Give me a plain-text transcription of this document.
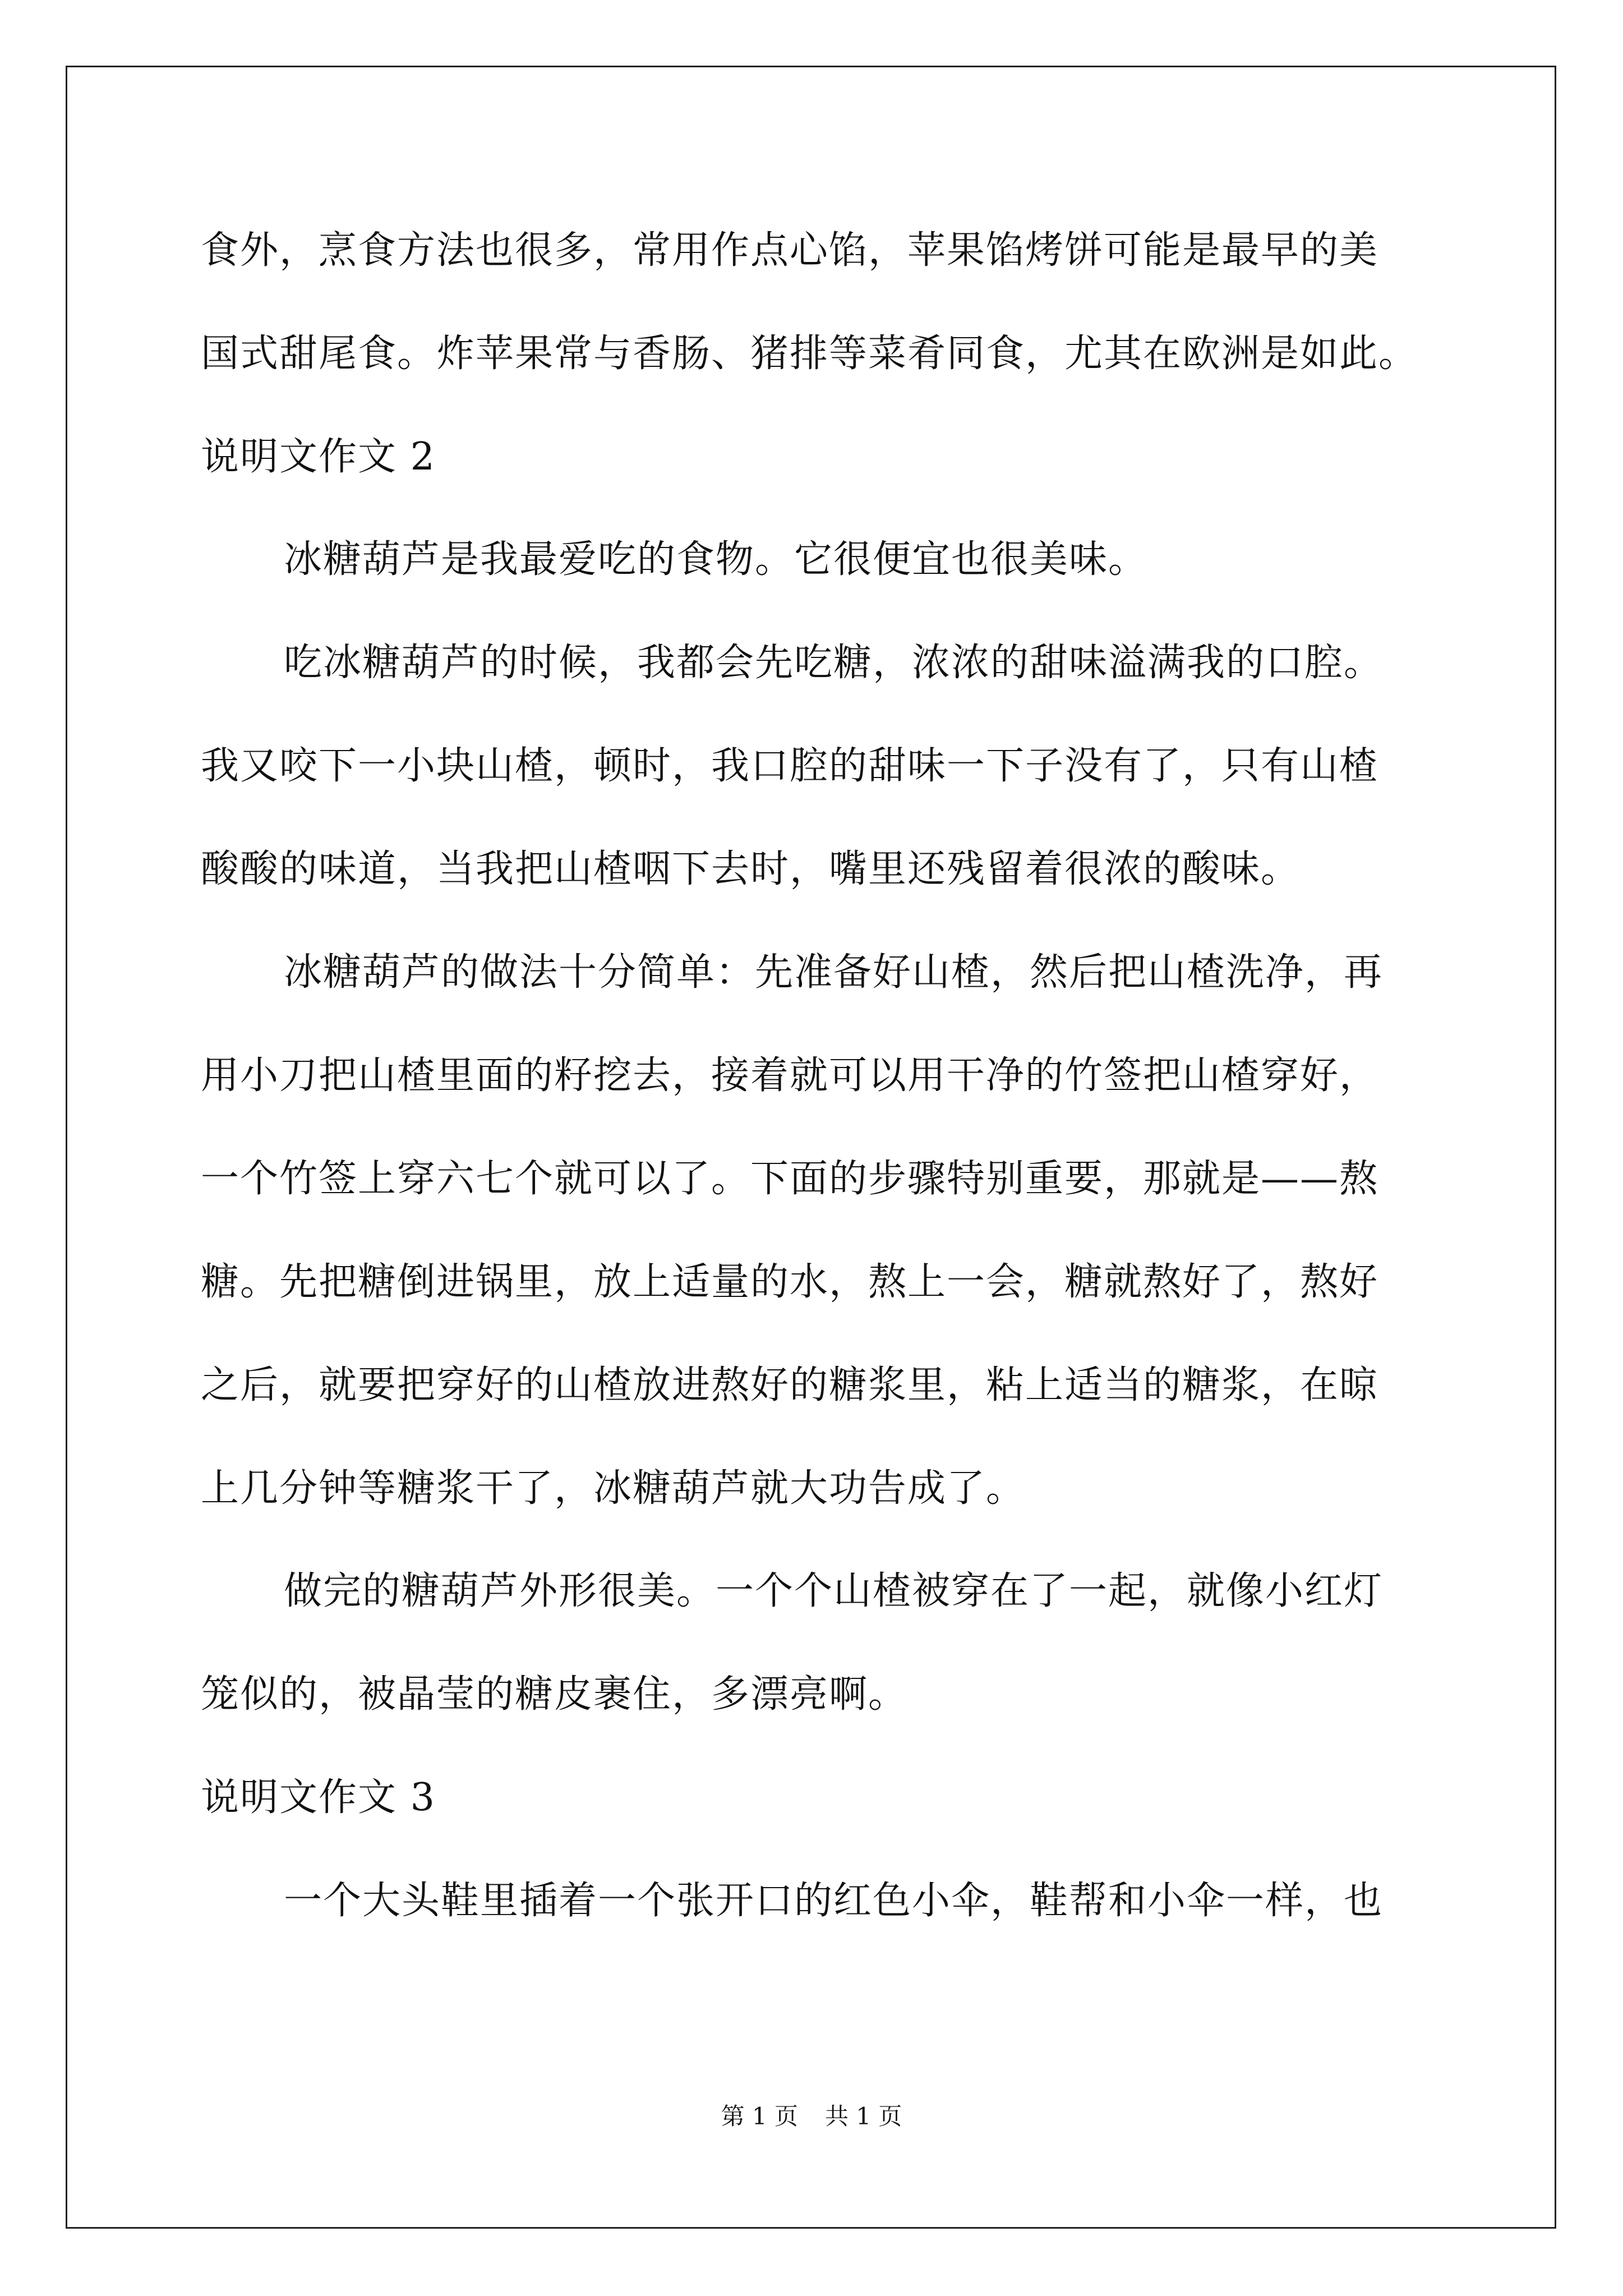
食外，烹食方法也很多，常用作点心馅，苹果馅烤饼可能是最早的美
国式甜尾食。炸苹果常与香肠、猪排等菜肴同食，尤其在欧洲是如此。
说明文作文 2
冰糖葫芦是我最爱吃的食物。它很便宜也很美味。
吃冰糖葫芦的时候，我都会先吃糖，浓浓的甜味溢满我的口腔。
我又咬下一小块山楂，顿时，我口腔的甜味一下子没有了，只有山楂
酸酸的味道，当我把山楂咽下去时，嘴里还残留着很浓的酸味。
冰糖葫芦的做法十分简单：先准备好山楂，然后把山楂洗净，再
用小刀把山楂里面的籽挖去，接着就可以用干净的竹签把山楂穿好，
一个竹签上穿六七个就可以了。下面的步骤特别重要，那就是——熬
糖。先把糖倒进锅里，放上适量的水，熬上一会，糖就熬好了，熬好
之后，就要把穿好的山楂放进熬好的糖浆里，粘上适当的糖浆，在晾
上几分钟等糖浆干了，冰糖葫芦就大功告成了。
做完的糖葫芦外形很美。一个个山楂被穿在了一起，就像小红灯
笼似的，被晶莹的糖皮裹住，多漂亮啊。
说明文作文 3
一个大头鞋里插着一个张开口的红色小伞，鞋帮和小伞一样，也
第 1 页 共 1 页
